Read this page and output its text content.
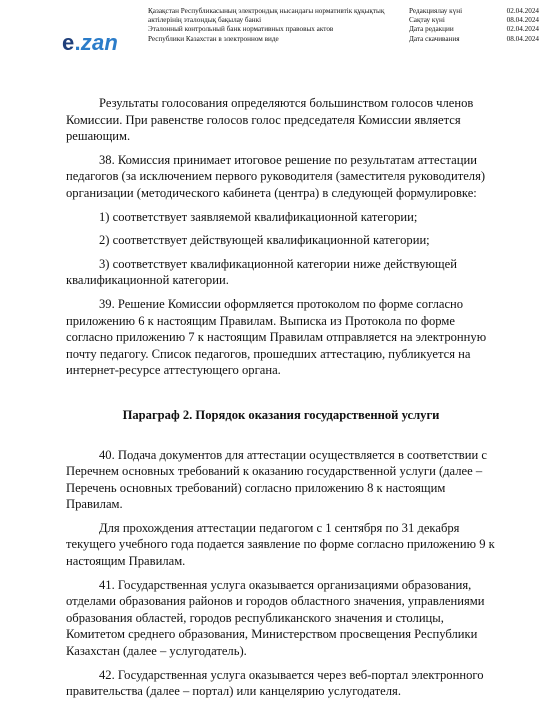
e.zan
Қазақстан Республикасының электрондық нысандағы нормативтік құқықтық
актілерінің эталондық бақылау банкі
Эталонный контрольный банк нормативных правовых актов
Республики Казахстан в электронном виде
Редакциялау күні	02.04.2024
Сақтау күні	08.04.2024
Дата редакции	02.04.2024
Дата скачивания	08.04.2024

Результаты голосования определяются большинством голосов членов Комиссии. При равенстве голосов голос председателя Комиссии является решающим.

38. Комиссия принимает итоговое решение по результатам аттестации педагогов (за исключением первого руководителя (заместителя руководителя) организации (методического кабинета (центра) в следующей формулировке:

1) соответствует заявляемой квалификационной категории;

2) соответствует действующей квалификационной категории;

3) соответствует квалификационной категории ниже действующей квалификационной категории.

39. Решение Комиссии оформляется протоколом по форме согласно приложению 6 к настоящим Правилам. Выписка из Протокола по форме согласно приложению 7 к настоящим Правилам отправляется на электронную почту педагогу. Список педагогов, прошедших аттестацию, публикуется на интернет-ресурсе аттестующего органа.

Параграф 2. Порядок оказания государственной услуги

40. Подача документов для аттестации осуществляется в соответствии с Перечнем основных требований к оказанию государственной услуги (далее – Перечень основных требований) согласно приложению 8 к настоящим Правилам.

Для прохождения аттестации педагогом с 1 сентября по 31 декабря текущего учебного года подается заявление по форме согласно приложению 9 к настоящим Правилам.

41. Государственная услуга оказывается организациями образования, отделами образования районов и городов областного значения, управлениями образования областей, городов республиканского значения и столицы, Комитетом среднего образования, Министерством просвещения Республики Казахстан (далее – услугодатель).

42. Государственная услуга оказывается через веб-портал электронного правительства (далее – портал) или канцелярию услугодателя.
